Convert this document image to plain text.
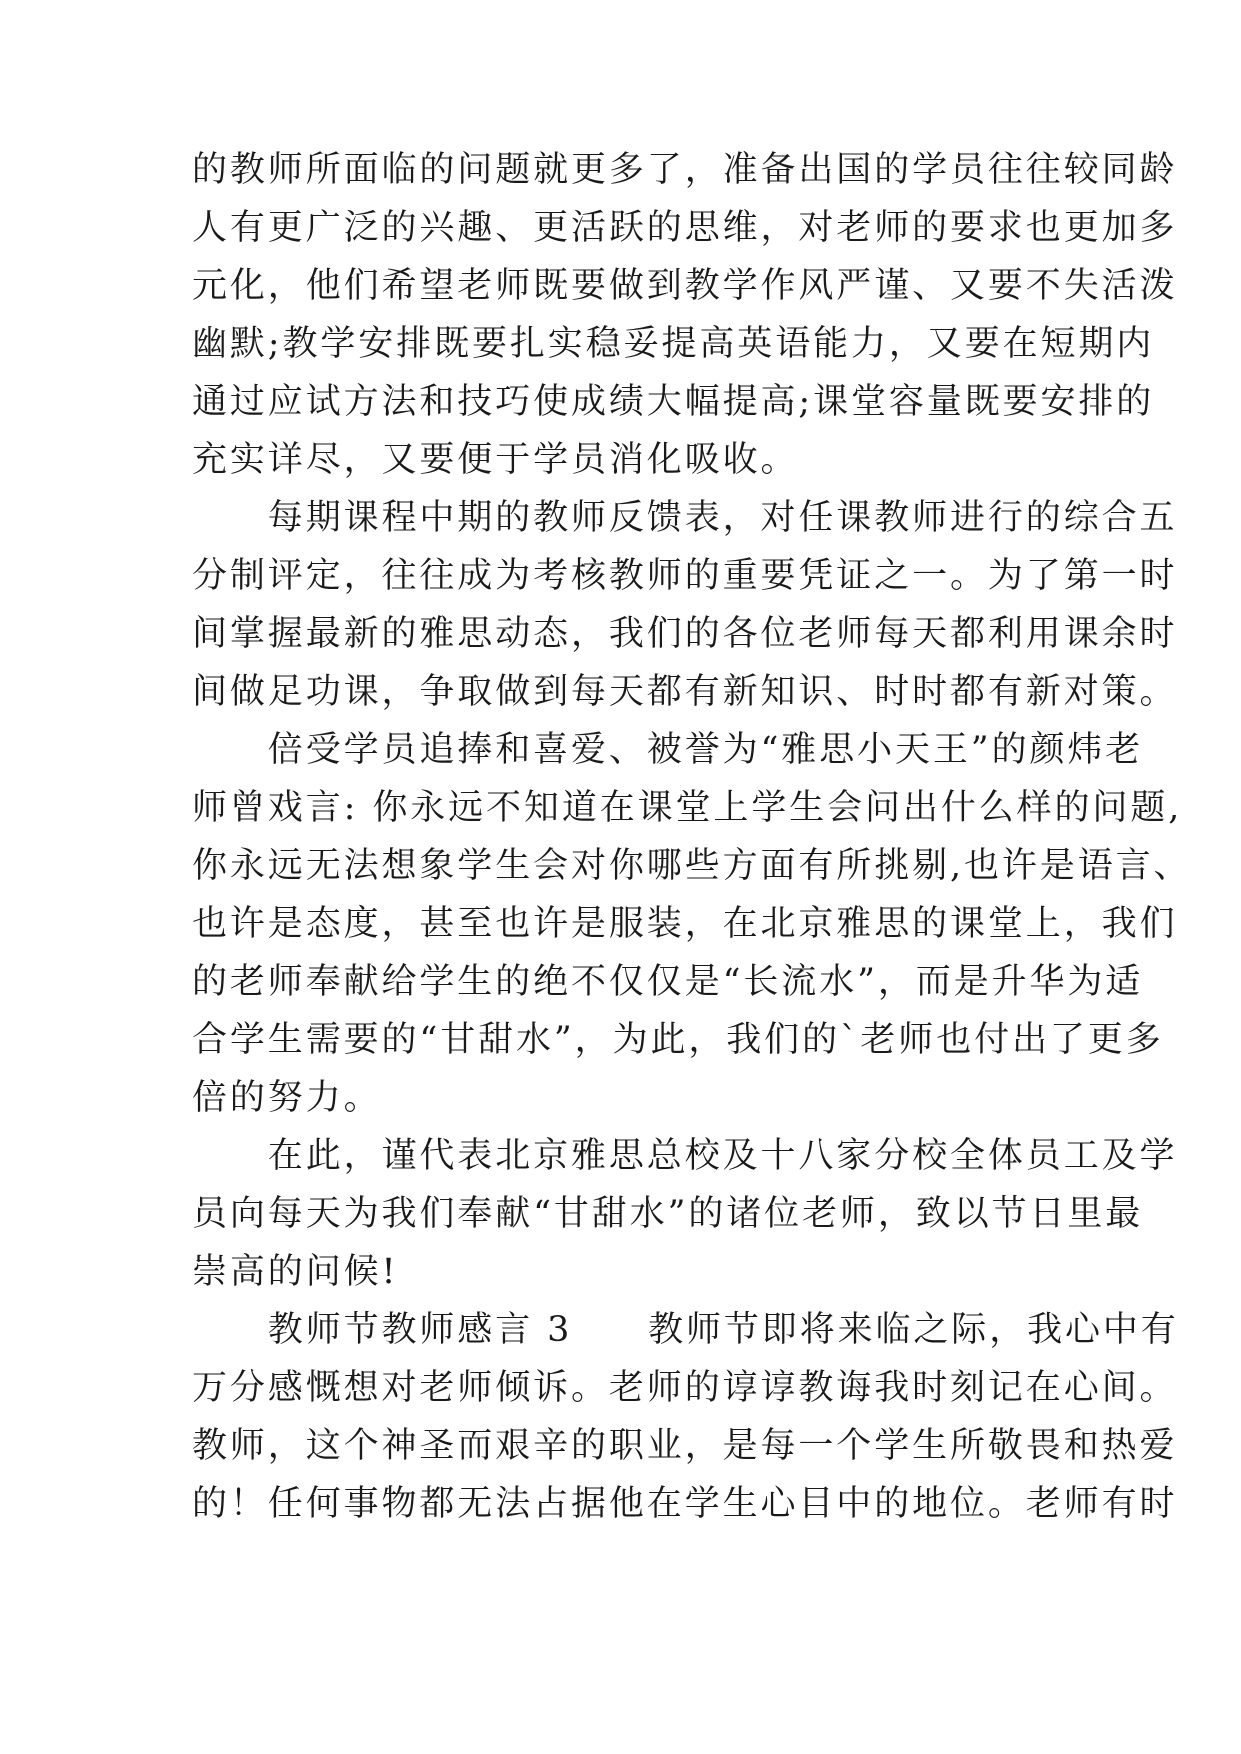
的教师所面临的问题就更多了，准备出国的学员往往较同龄
人有更广泛的兴趣、更活跃的思维，对老师的要求也更加多
元化，他们希望老师既要做到教学作风严谨、又要不失活泼
幽默;教学安排既要扎实稳妥提高英语能力，又要在短期内
通过应试方法和技巧使成绩大幅提高;课堂容量既要安排的
充实详尽，又要便于学员消化吸收。
　　每期课程中期的教师反馈表，对任课教师进行的综合五
分制评定，往往成为考核教师的重要凭证之一。为了第一时
间掌握最新的雅思动态，我们的各位老师每天都利用课余时
间做足功课，争取做到每天都有新知识、时时都有新对策。
　　倍受学员追捧和喜爱、被誉为“雅思小天王”的颜炜老
师曾戏言: 你永远不知道在课堂上学生会问出什么样的问题,
你永远无法想象学生会对你哪些方面有所挑剔,也许是语言、
也许是态度，甚至也许是服装，在北京雅思的课堂上，我们
的老师奉献给学生的绝不仅仅是“长流水”，而是升华为适
合学生需要的“甘甜水”，为此，我们的`老师也付出了更多
倍的努力。
　　在此，谨代表北京雅思总校及十八家分校全体员工及学
员向每天为我们奉献“甘甜水”的诸位老师，致以节日里最
崇高的问候!
　　教师节教师感言 3　　教师节即将来临之际，我心中有
万分感慨想对老师倾诉。老师的谆谆教诲我时刻记在心间。
教师，这个神圣而艰辛的职业，是每一个学生所敬畏和热爱
的！任何事物都无法占据他在学生心目中的地位。老师有时
